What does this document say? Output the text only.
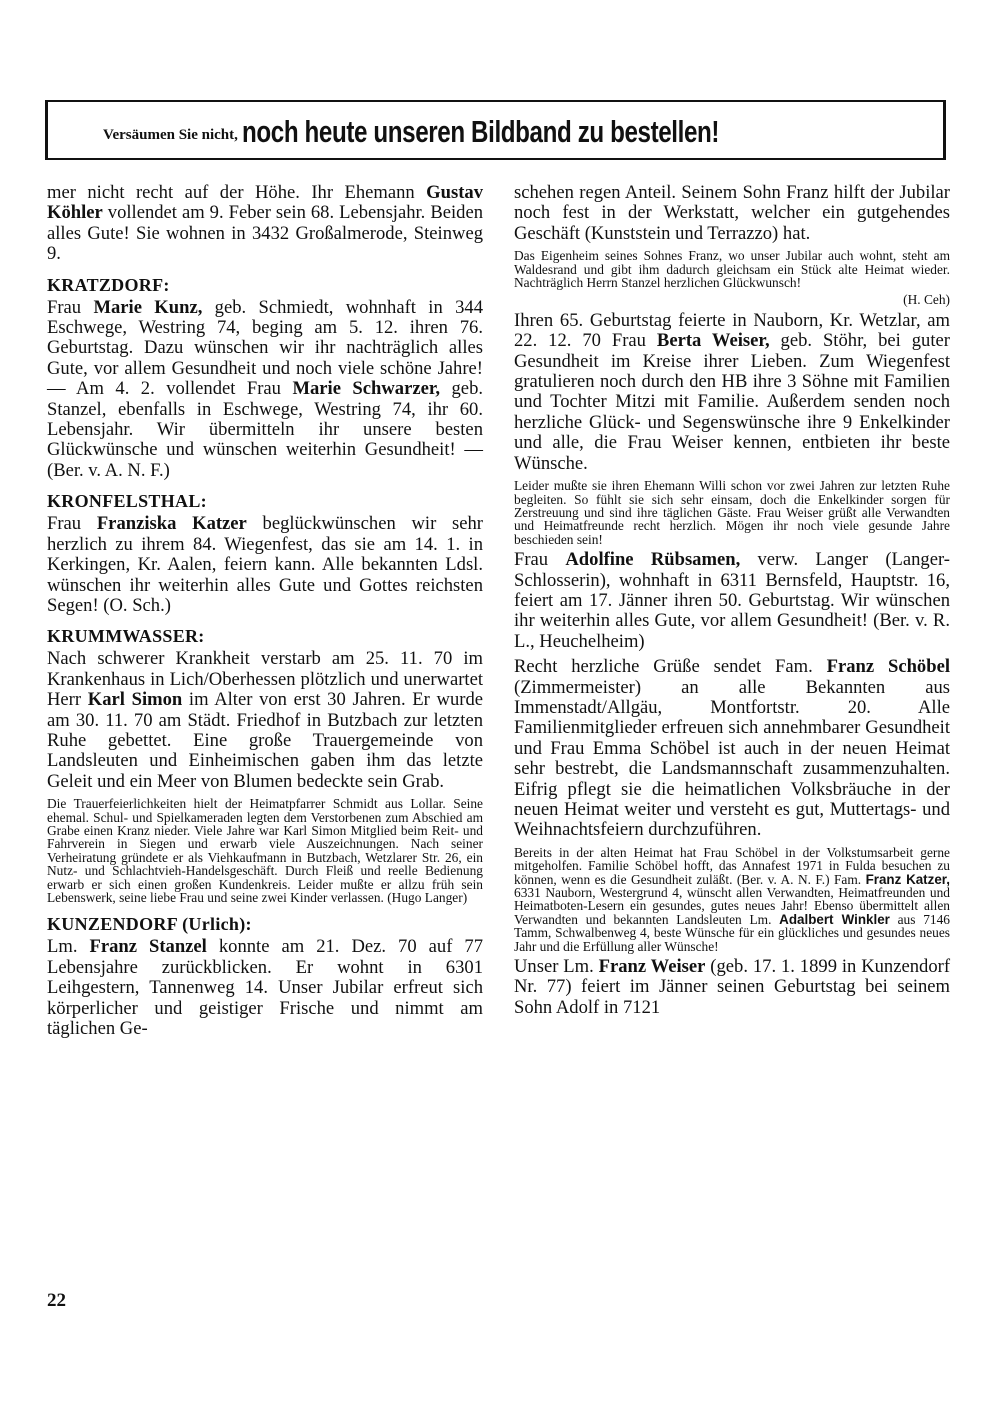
Versäumen Sie nicht, noch heute unseren Bildband zu bestellen!

mer nicht recht auf der Höhe. Ihr Ehemann Gustav Köhler vollendet am 9. Feber sein 68. Lebensjahr. Beiden alles Gute! Sie wohnen in 3432 Großalmerode, Steinweg 9.

KRATZDORF:

Frau Marie Kunz, geb. Schmiedt, wohnhaft in 344 Eschwege, Westring 74, beging am 5. 12. ihren 76. Geburtstag. Dazu wünschen wir ihr nachträglich alles Gute, vor allem Gesundheit und noch viele schöne Jahre! — Am 4. 2. vollendet Frau Marie Schwarzer, geb. Stanzel, ebenfalls in Eschwege, Westring 74, ihr 60. Lebensjahr. Wir übermitteln ihr unsere besten Glückwünsche und wünschen weiterhin Gesundheit! — (Ber. v. A. N. F.)

KRONFELSTHAL:

Frau Franziska Katzer beglückwünschen wir sehr herzlich zu ihrem 84. Wiegenfest, das sie am 14. 1. in Kerkingen, Kr. Aalen, feiern kann. Alle bekannten Ldsl. wünschen ihr weiterhin alles Gute und Gottes reichsten Segen! (O. Sch.)

KRUMMWASSER:

Nach schwerer Krankheit verstarb am 25. 11. 70 im Krankenhaus in Lich/Oberhessen plötzlich und unerwartet Herr Karl Simon im Alter von erst 30 Jahren. Er wurde am 30. 11. 70 am Städt. Friedhof in Butzbach zur letzten Ruhe gebettet. Eine große Trauergemeinde von Landsleuten und Einheimischen gaben ihm das letzte Geleit und ein Meer von Blumen bedeckte sein Grab.

Die Trauerfeierlichkeiten hielt der Heimatpfarrer Schmidt aus Lollar. Seine ehemal. Schul- und Spielkameraden legten dem Verstorbenen zum Abschied am Grabe einen Kranz nieder. Viele Jahre war Karl Simon Mitglied beim Reit- und Fahrverein in Siegen und erwarb viele Auszeichnungen. Nach seiner Verheiratung gründete er als Viehkaufmann in Butzbach, Wetzlarer Str. 26, ein Nutz- und Schlachtvieh-Handelsgeschäft. Durch Fleiß und reelle Bedienung erwarb er sich einen großen Kundenkreis. Leider mußte er allzu früh sein Lebenswerk, seine liebe Frau und seine zwei Kinder verlassen. (Hugo Langer)

KUNZENDORF (Urlich):

Lm. Franz Stanzel konnte am 21. Dez. 70 auf 77 Lebensjahre zurückblicken. Er wohnt in 6301 Leihgestern, Tannenweg 14. Unser Jubilar erfreut sich körperlicher und geistiger Frische und nimmt am täglichen Ge-

schehen regen Anteil. Seinem Sohn Franz hilft der Jubilar noch fest in der Werkstatt, welcher ein gutgehendes Geschäft (Kunststein und Terrazzo) hat.

Das Eigenheim seines Sohnes Franz, wo unser Jubilar auch wohnt, steht am Waldesrand und gibt ihm dadurch gleichsam ein Stück alte Heimat wieder. Nachträglich Herrn Stanzel herzlichen Glückwunsch!

(H. Ceh)

Ihren 65. Geburtstag feierte in Nauborn, Kr. Wetzlar, am 22. 12. 70 Frau Berta Weiser, geb. Stöhr, bei guter Gesundheit im Kreise ihrer Lieben. Zum Wiegenfest gratulieren noch durch den HB ihre 3 Söhne mit Familien und Tochter Mitzi mit Familie. Außerdem senden noch herzliche Glück- und Segenswünsche ihre 9 Enkelkinder und alle, die Frau Weiser kennen, entbieten ihr beste Wünsche.

Leider mußte sie ihren Ehemann Willi schon vor zwei Jahren zur letzten Ruhe begleiten. So fühlt sie sich sehr einsam, doch die Enkelkinder sorgen für Zerstreuung und sind ihre täglichen Gäste. Frau Weiser grüßt alle Verwandten und Heimatfreunde recht herzlich. Mögen ihr noch viele gesunde Jahre beschieden sein!

Frau Adolfine Rübsamen, verw. Langer (Langer-Schlosserin), wohnhaft in 6311 Bernsfeld, Hauptstr. 16, feiert am 17. Jänner ihren 50. Geburtstag. Wir wünschen ihr weiterhin alles Gute, vor allem Gesundheit! (Ber. v. R. L., Heuchelheim)

Recht herzliche Grüße sendet Fam. Franz Schöbel (Zimmermeister) an alle Bekannten aus Immenstadt/Allgäu, Montfortstr. 20. Alle Familienmitglieder erfreuen sich annehmbarer Gesundheit und Frau Emma Schöbel ist auch in der neuen Heimat sehr bestrebt, die Landsmannschaft zusammenzuhalten. Eifrig pflegt sie die heimatlichen Volksbräuche in der neuen Heimat weiter und versteht es gut, Muttertags- und Weihnachtsfeiern durchzuführen.

Bereits in der alten Heimat hat Frau Schöbel in der Volkstumsarbeit gerne mitgeholfen. Familie Schöbel hofft, das Annafest 1971 in Fulda besuchen zu können, wenn es die Gesundheit zuläßt. (Ber. v. A. N. F.) Fam. Franz Katzer, 6331 Nauborn, Westergrund 4, wünscht allen Verwandten, Heimatfreunden und Heimatboten-Lesern ein gesundes, gutes neues Jahr! Ebenso übermittelt allen Verwandten und bekannten Landsleuten Lm. Adalbert Winkler aus 7146 Tamm, Schwalbenweg 4, beste Wünsche für ein glückliches und gesundes neues Jahr und die Erfüllung aller Wünsche!

Unser Lm. Franz Weiser (geb. 17. 1. 1899 in Kunzendorf Nr. 77) feiert im Jänner seinen Geburtstag bei seinem Sohn Adolf in 7121

22
